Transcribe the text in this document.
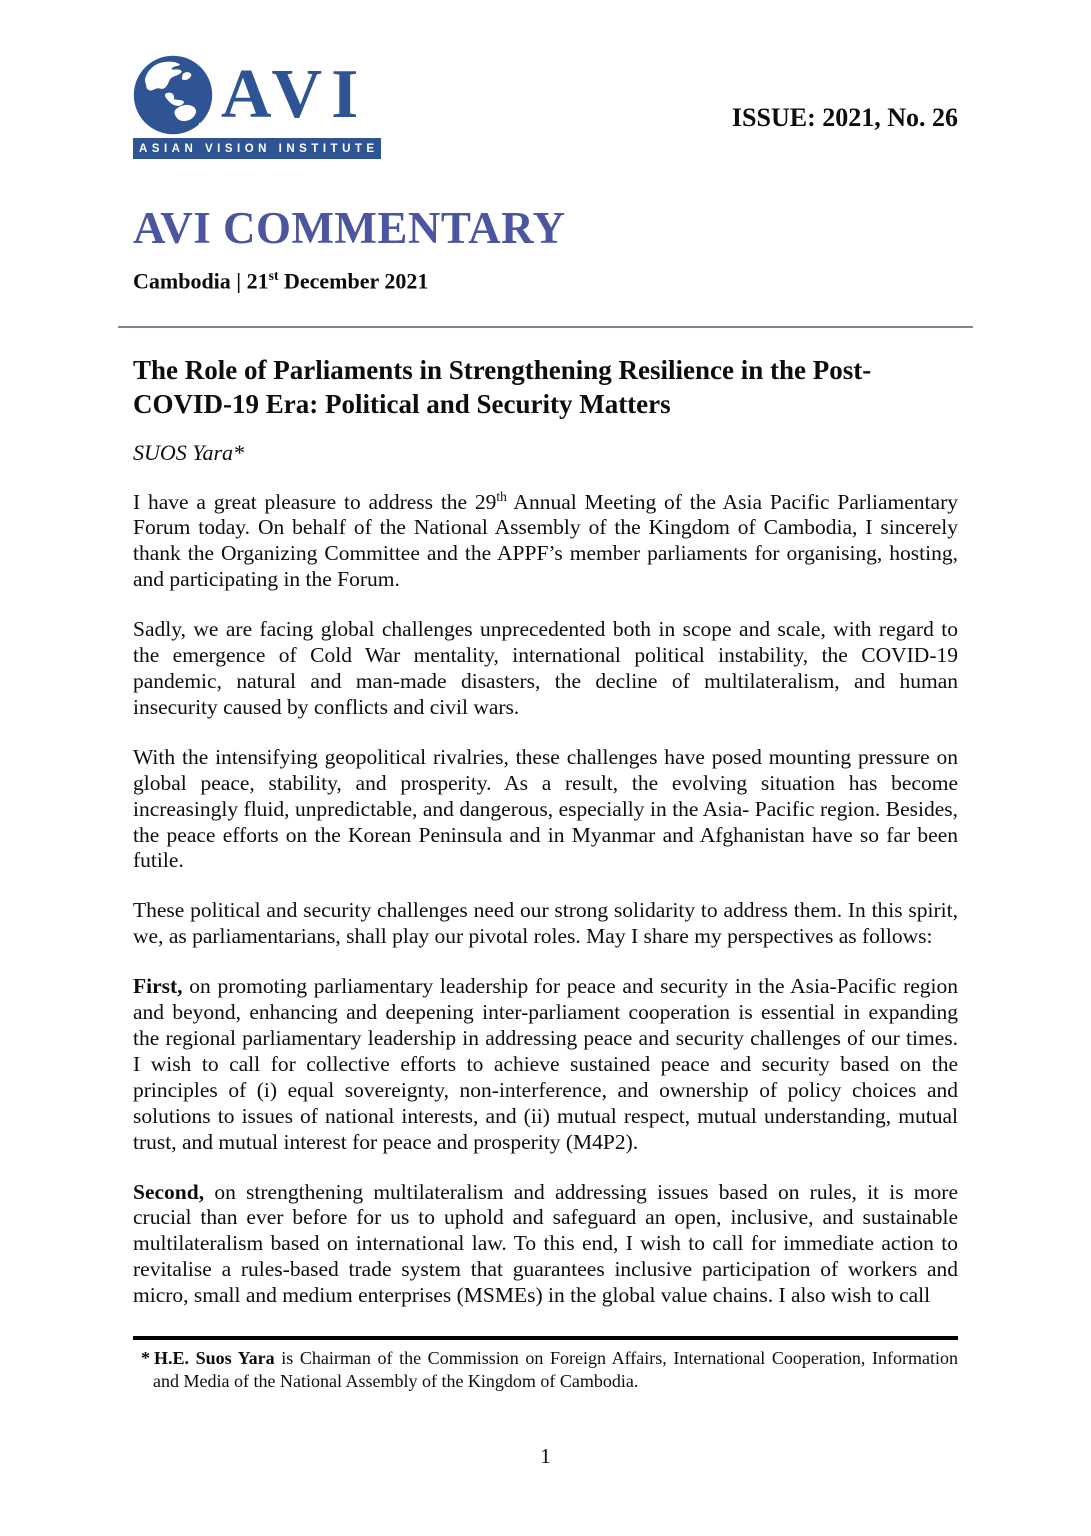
AVI
ASIAN VISION INSTITUTE
ISSUE: 2021, No. 26
AVI COMMENTARY
Cambodia | 21st December 2021
The Role of Parliaments in Strengthening Resilience in the Post-COVID-19 Era: Political and Security Matters
SUOS Yara*

I have a great pleasure to address the 29th Annual Meeting of the Asia Pacific Parliamentary Forum today. On behalf of the National Assembly of the Kingdom of Cambodia, I sincerely thank the Organizing Committee and the APPF’s member parliaments for organising, hosting, and participating in the Forum.

Sadly, we are facing global challenges unprecedented both in scope and scale, with regard to the emergence of Cold War mentality, international political instability, the COVID-19 pandemic, natural and man-made disasters, the decline of multilateralism, and human insecurity caused by conflicts and civil wars.

With the intensifying geopolitical rivalries, these challenges have posed mounting pressure on global peace, stability, and prosperity. As a result, the evolving situation has become increasingly fluid, unpredictable, and dangerous, especially in the Asia- Pacific region. Besides, the peace efforts on the Korean Peninsula and in Myanmar and Afghanistan have so far been futile.

These political and security challenges need our strong solidarity to address them. In this spirit, we, as parliamentarians, shall play our pivotal roles. May I share my perspectives as follows:

First, on promoting parliamentary leadership for peace and security in the Asia-Pacific region and beyond, enhancing and deepening inter-parliament cooperation is essential in expanding the regional parliamentary leadership in addressing peace and security challenges of our times. I wish to call for collective efforts to achieve sustained peace and security based on the principles of (i) equal sovereignty, non-interference, and ownership of policy choices and solutions to issues of national interests, and (ii) mutual respect, mutual understanding, mutual trust, and mutual interest for peace and prosperity (M4P2).

Second, on strengthening multilateralism and addressing issues based on rules, it is more crucial than ever before for us to uphold and safeguard an open, inclusive, and sustainable multilateralism based on international law. To this end, I wish to call for immediate action to revitalise a rules-based trade system that guarantees inclusive participation of workers and micro, small and medium enterprises (MSMEs) in the global value chains. I also wish to call

* H.E. Suos Yara is Chairman of the Commission on Foreign Affairs, International Cooperation, Information and Media of the National Assembly of the Kingdom of Cambodia.
1
